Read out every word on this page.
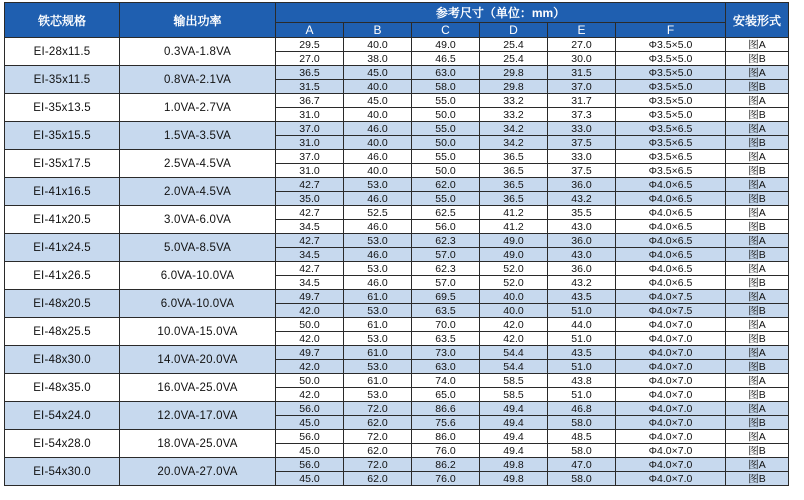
铁芯规格	输出功率	参考尺寸（单位：mm）						安装形式
		A	B	C	D	E	F	
EI-28x11.5	0.3VA-1.8VA	29.5	40.0	49.0	25.4	27.0	Φ3.5×5.0	图A
		27.0	38.0	46.5	25.4	30.0	Φ3.5×5.0	图B
EI-35x11.5	0.8VA-2.1VA	36.5	45.0	63.0	29.8	31.5	Φ3.5×5.0	图A
		31.5	40.0	58.0	29.8	37.0	Φ3.5×5.0	图B
EI-35x13.5	1.0VA-2.7VA	36.7	45.0	55.0	33.2	31.7	Φ3.5×5.0	图A
		31.0	40.0	50.0	33.2	37.3	Φ3.5×5.0	图B
EI-35x15.5	1.5VA-3.5VA	37.0	46.0	55.0	34.2	33.0	Φ3.5×6.5	图A
		31.0	40.0	50.0	34.2	37.5	Φ3.5×6.5	图B
EI-35x17.5	2.5VA-4.5VA	37.0	46.0	55.0	36.5	33.0	Φ3.5×6.5	图A
		31.0	40.0	50.0	36.5	37.5	Φ3.5×6.5	图B
EI-41x16.5	2.0VA-4.5VA	42.7	53.0	62.0	36.5	36.0	Φ4.0×6.5	图A
		35.0	46.0	55.0	36.5	43.2	Φ4.0×6.5	图B
EI-41x20.5	3.0VA-6.0VA	42.7	52.5	62.5	41.2	35.5	Φ4.0×6.5	图A
		34.5	46.0	56.0	41.2	43.0	Φ4.0×6.5	图B
EI-41x24.5	5.0VA-8.5VA	42.7	53.0	62.3	49.0	36.0	Φ4.0×6.5	图A
		34.5	46.0	57.0	49.0	43.0	Φ4.0×6.5	图B
EI-41x26.5	6.0VA-10.0VA	42.7	53.0	62.3	52.0	36.0	Φ4.0×6.5	图A
		34.5	46.0	57.0	52.0	43.2	Φ4.0×6.5	图B
EI-48x20.5	6.0VA-10.0VA	49.7	61.0	69.5	40.0	43.5	Φ4.0×7.5	图A
		42.0	53.0	63.5	40.0	51.0	Φ4.0×7.5	图B
EI-48x25.5	10.0VA-15.0VA	50.0	61.0	70.0	42.0	44.0	Φ4.0×7.0	图A
		42.0	53.0	63.5	42.0	51.0	Φ4.0×7.0	图B
EI-48x30.0	14.0VA-20.0VA	49.7	61.0	73.0	54.4	43.5	Φ4.0×7.0	图A
		42.0	53.0	63.0	54.4	51.0	Φ4.0×7.0	图B
EI-48x35.0	16.0VA-25.0VA	50.0	61.0	74.0	58.5	43.8	Φ4.0×7.0	图A
		42.0	53.0	65.0	58.5	51.0	Φ4.0×7.0	图B
EI-54x24.0	12.0VA-17.0VA	56.0	72.0	86.6	49.4	46.8	Φ4.0×7.0	图A
		45.0	62.0	75.6	49.4	58.0	Φ4.0×7.0	图B
EI-54x28.0	18.0VA-25.0VA	56.0	72.0	86.0	49.4	48.5	Φ4.0×7.0	图A
		45.0	62.0	76.0	49.4	58.0	Φ4.0×7.0	图B
EI-54x30.0	20.0VA-27.0VA	56.0	72.0	86.2	49.8	47.0	Φ4.0×7.0	图A
		45.0	62.0	76.0	49.8	58.0	Φ4.0×7.0	图B
